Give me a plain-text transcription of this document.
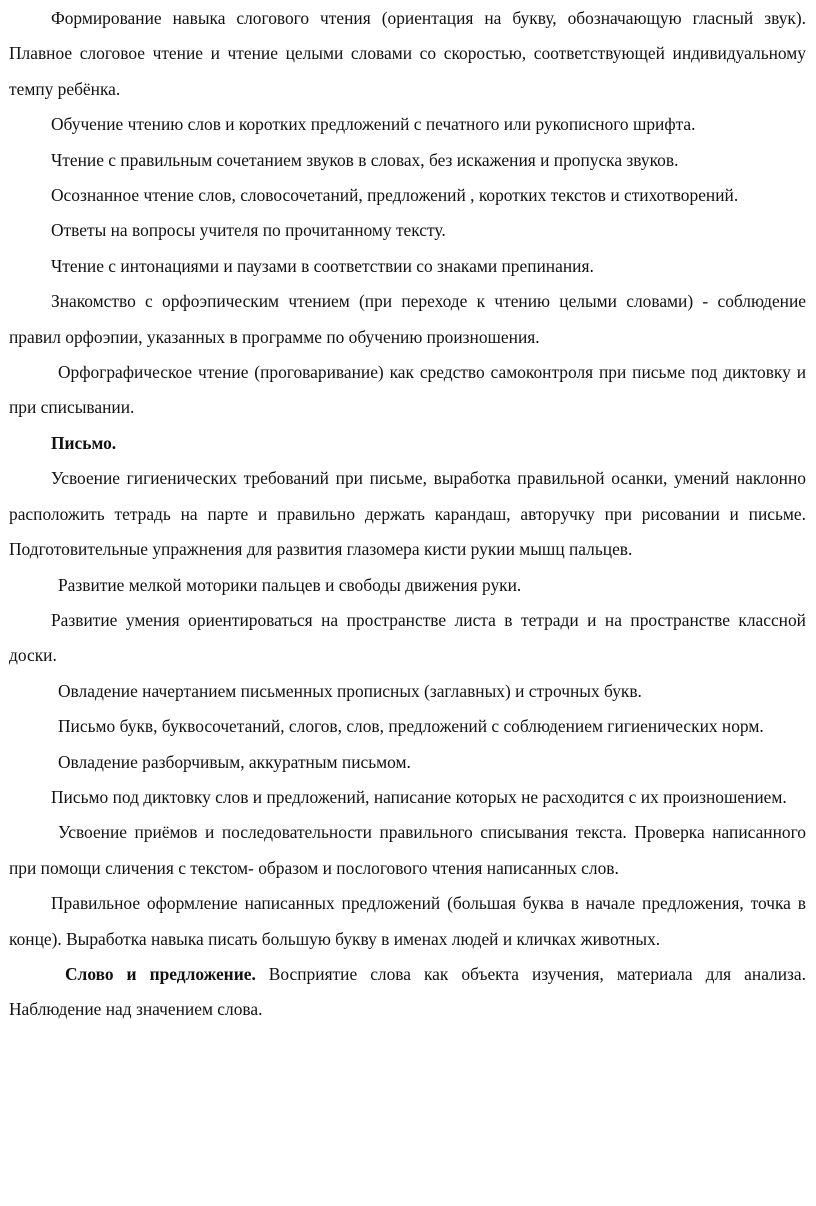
Формирование навыка слогового чтения (ориентация на букву, обозначающую гласный звук). Плавное слоговое чтение и чтение целыми словами со скоростью, соответствующей индивидуальному темпу ребёнка.

Обучение чтению слов и коротких предложений с печатного или рукописного шрифта.

Чтение с правильным сочетанием звуков в словах, без искажения и пропуска звуков.

Осознанное чтение слов, словосочетаний, предложений , коротких текстов и стихотворений.

Ответы на вопросы учителя по прочитанному тексту.

Чтение с интонациями и паузами в соответствии со знаками препинания.

Знакомство с орфоэпическим чтением (при переходе к чтению целыми словами) - соблюдение правил орфоэпии, указанных в программе по обучению произношения.

Орфографическое чтение (проговаривание) как средство самоконтроля при письме под диктовку и при списывании.

Письмо.

Усвоение гигиенических требований при письме, выработка правильной осанки, умений наклонно расположить тетрадь на парте и правильно держать карандаш, авторучку при рисовании и письме. Подготовительные упражнения для развития глазомера кисти рукии мышц пальцев.

Развитие мелкой моторики пальцев и свободы движения руки.

Развитие умения ориентироваться на пространстве листа в тетради и на пространстве классной доски.

Овладение начертанием письменных прописных (заглавных) и строчных букв.

Письмо букв, буквосочетаний, слогов, слов, предложений с соблюдением гигиенических норм.

Овладение разборчивым, аккуратным письмом.

Письмо под диктовку слов и предложений, написание которых не расходится с их произношением.

Усвоение приёмов и последовательности правильного списывания текста. Проверка написанного при помощи сличения с текстом- образом и послогового чтения написанных слов.

Правильное оформление написанных предложений (большая буква в начале предложения, точка в конце). Выработка навыка писать большую букву в именах людей и кличках животных.

Слово и предложение. Восприятие слова как объекта изучения, материала для анализа. Наблюдение над значением слова.
